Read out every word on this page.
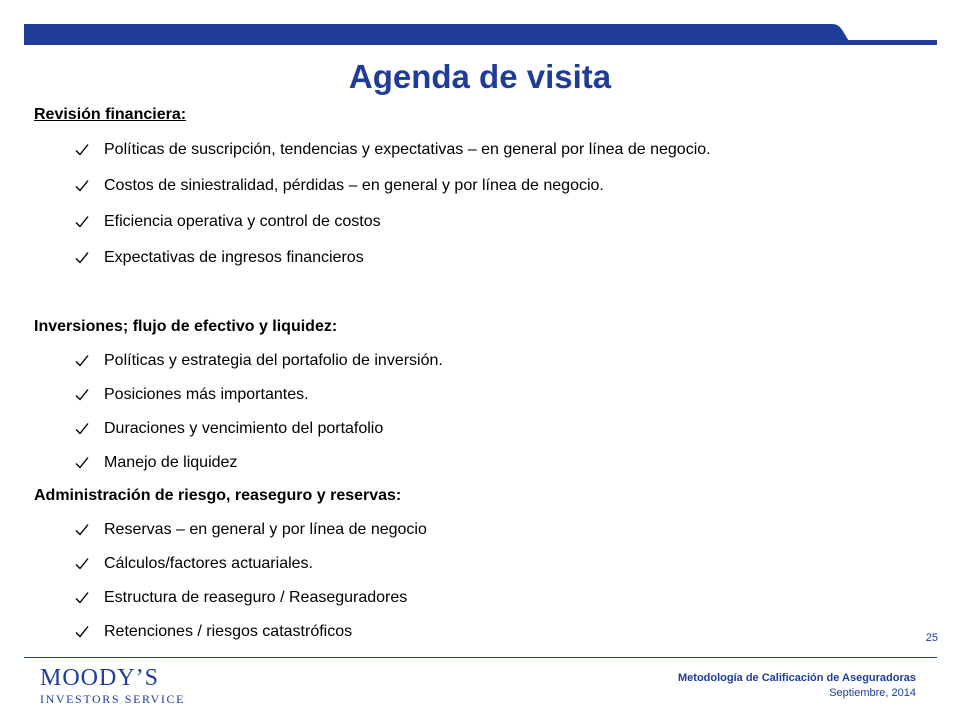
Agenda de visita
Revisión financiera:
Políticas de suscripción, tendencias y expectativas – en general por línea de negocio.
Costos de siniestralidad, pérdidas – en general y por línea de negocio.
Eficiencia operativa y control de costos
Expectativas de ingresos financieros
Inversiones; flujo de efectivo y liquidez:
Políticas y estrategia del portafolio de inversión.
Posiciones más importantes.
Duraciones y vencimiento del portafolio
Manejo de liquidez
Administración de riesgo, reaseguro y reservas:
Reservas – en general y por línea de negocio
Cálculos/factores actuariales.
Estructura de reaseguro / Reaseguradores
Retenciones / riesgos catastróficos	25
MOODY’S
INVESTORS SERVICE
Metodología de Calificación de Aseguradoras
Septiembre, 2014
